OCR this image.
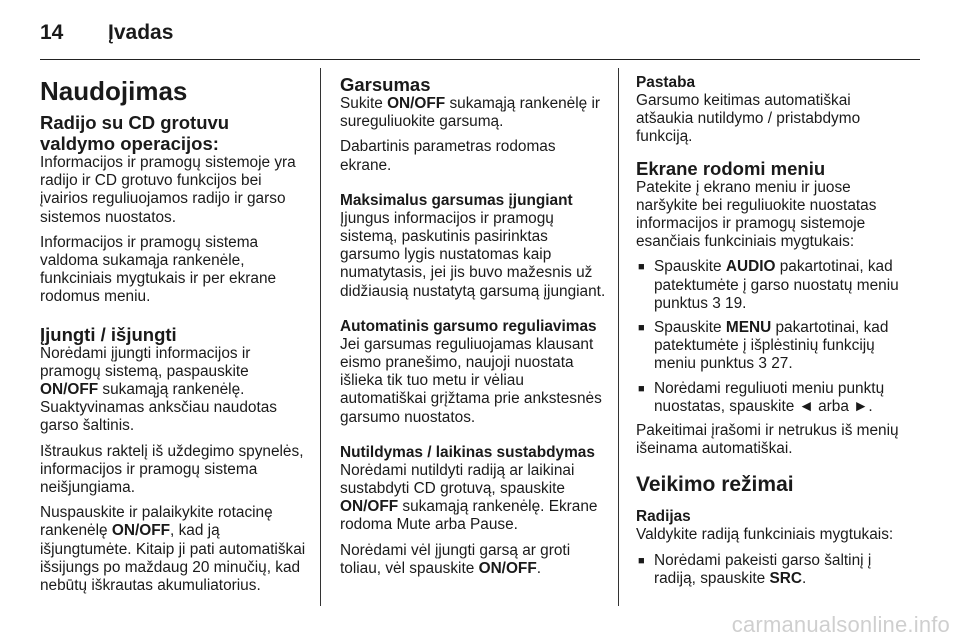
14	Įvadas
Naudojimas
Radijo su CD grotuvu valdymo operacijos:

Informacijos ir pramogų sistemoje yra radijo ir CD grotuvo funkcijos bei įvairios reguliuojamos radijo ir garso sistemos nuostatos.

Informacijos ir pramogų sistema valdoma sukamąja rankenėle, funkciniais mygtukais ir per ekrane rodomus meniu.

Įjungti / išjungti

Norėdami įjungti informacijos ir pramogų sistemą, paspauskite ON/OFF sukamąją rankenėlę. Suaktyvinamas anksčiau naudotas garso šaltinis.

Ištraukus raktelį iš uždegimo spynelės, informacijos ir pramogų sistema neišjungiama.

Nuspauskite ir palaikykite rotacinę rankenėlę ON/OFF, kad ją išjungtumėte. Kitaip ji pati automatiškai išsijungs po maždaug 20 minučių, kad nebūtų iškrautas akumuliatorius.

Garsumas

Sukite ON/OFF sukamąją rankenėlę ir sureguliuokite garsumą.

Dabartinis parametras rodomas ekrane.

Maksimalus garsumas įjungiant

Įjungus informacijos ir pramogų sistemą, paskutinis pasirinktas garsumo lygis nustatomas kaip numatytasis, jei jis buvo mažesnis už didžiausią nustatytą garsumą įjungiant.

Automatinis garsumo reguliavimas

Jei garsumas reguliuojamas klausant eismo pranešimo, naujoji nuostata išlieka tik tuo metu ir vėliau automatiškai grįžtama prie ankstesnės garsumo nuostatos.

Nutildymas / laikinas sustabdymas

Norėdami nutildyti radiją ar laikinai sustabdyti CD grotuvą, spauskite ON/OFF sukamąją rankenėlę. Ekrane rodoma Mute arba Pause.

Norėdami vėl įjungti garsą ar groti toliau, vėl spauskite ON/OFF.

Pastaba

Garsumo keitimas automatiškai atšaukia nutildymo / pristabdymo funkciją.

Ekrane rodomi meniu

Patekite į ekrano meniu ir juose naršykite bei reguliuokite nuostatas informacijos ir pramogų sistemoje esančiais funkciniais mygtukais:

■ Spauskite AUDIO pakartotinai, kad patektumėte į garso nuostatų meniu punktus 3 19.
■ Spauskite MENU pakartotinai, kad patektumėte į išplėstinių funkcijų meniu punktus 3 27.
■ Norėdami reguliuoti meniu punktų nuostatas, spauskite ◄ arba ►.

Pakeitimai įrašomi ir netrukus iš menių išeinama automatiškai.

Veikimo režimai
Radijas

Valdykite radiją funkciniais mygtukais:

■ Norėdami pakeisti garso šaltinį į radiją, spauskite SRC.
carmanualsonline.info
